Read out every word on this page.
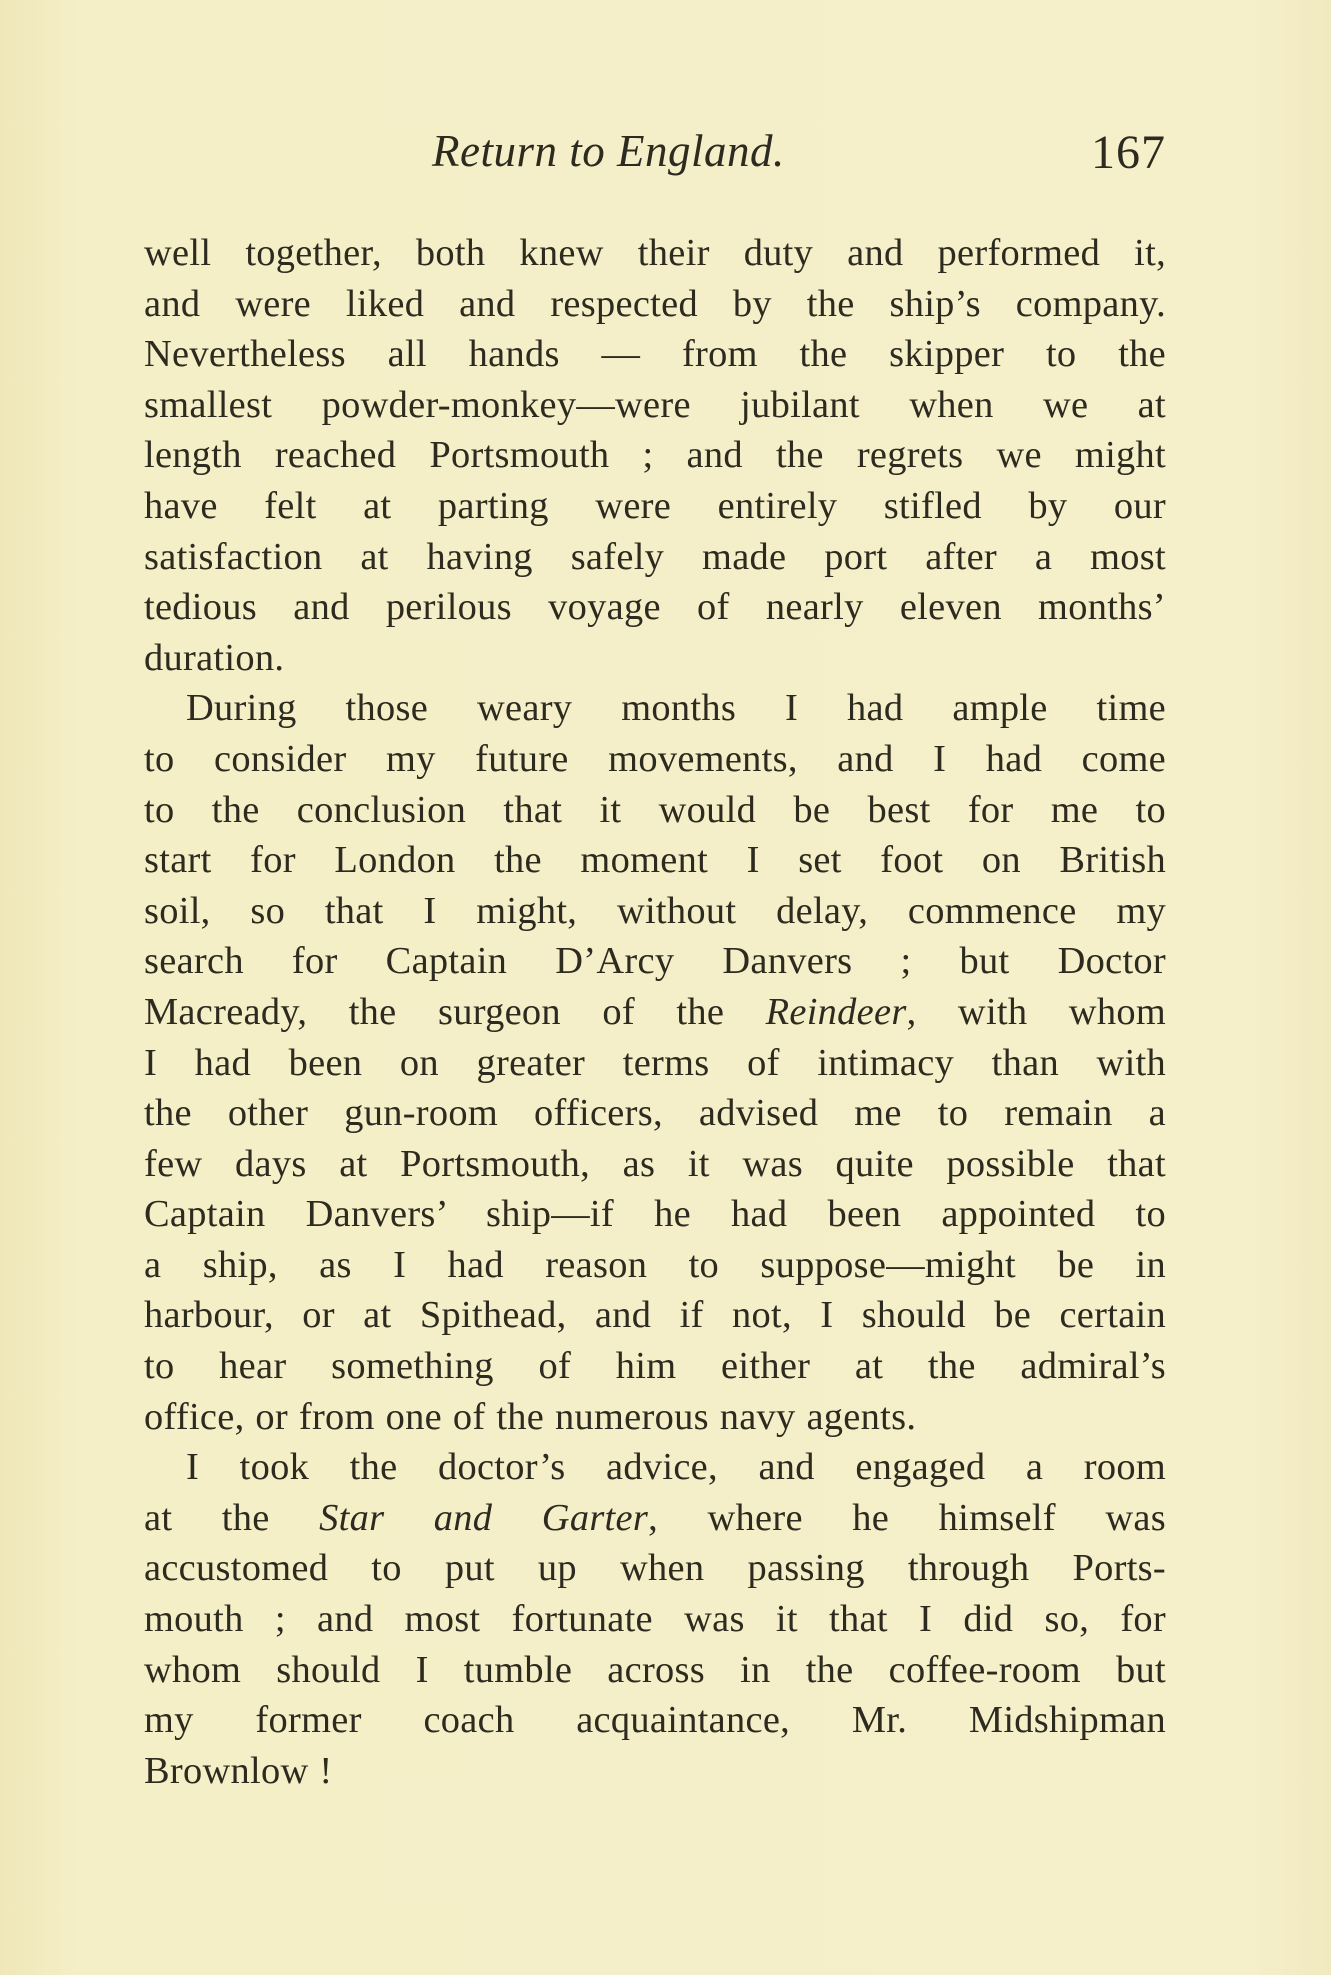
Return to England.	167
well together, both knew their duty and performed it,
and were liked and respected by the ship’s company.
Nevertheless all hands — from the skipper to the
smallest powder-monkey—were jubilant when we at
length reached Portsmouth ; and the regrets we might
have felt at parting were entirely stifled by our
satisfaction at having safely made port after a most
tedious and perilous voyage of nearly eleven months’
duration.
During those weary months I had ample time
to consider my future movements, and I had come
to the conclusion that it would be best for me to
start for London the moment I set foot on British
soil, so that I might, without delay, commence my
search for Captain D’Arcy Danvers ; but Doctor
Macready, the surgeon of the Reindeer, with whom
I had been on greater terms of intimacy than with
the other gun-room officers, advised me to remain a
few days at Portsmouth, as it was quite possible that
Captain Danvers’ ship—if he had been appointed to
a ship, as I had reason to suppose—might be in
harbour, or at Spithead, and if not, I should be certain
to hear something of him either at the admiral’s
office, or from one of the numerous navy agents.
I took the doctor’s advice, and engaged a room
at the Star and Garter, where he himself was
accustomed to put up when passing through Ports-
mouth ; and most fortunate was it that I did so, for
whom should I tumble across in the coffee-room but
my former coach acquaintance, Mr. Midshipman
Brownlow !
